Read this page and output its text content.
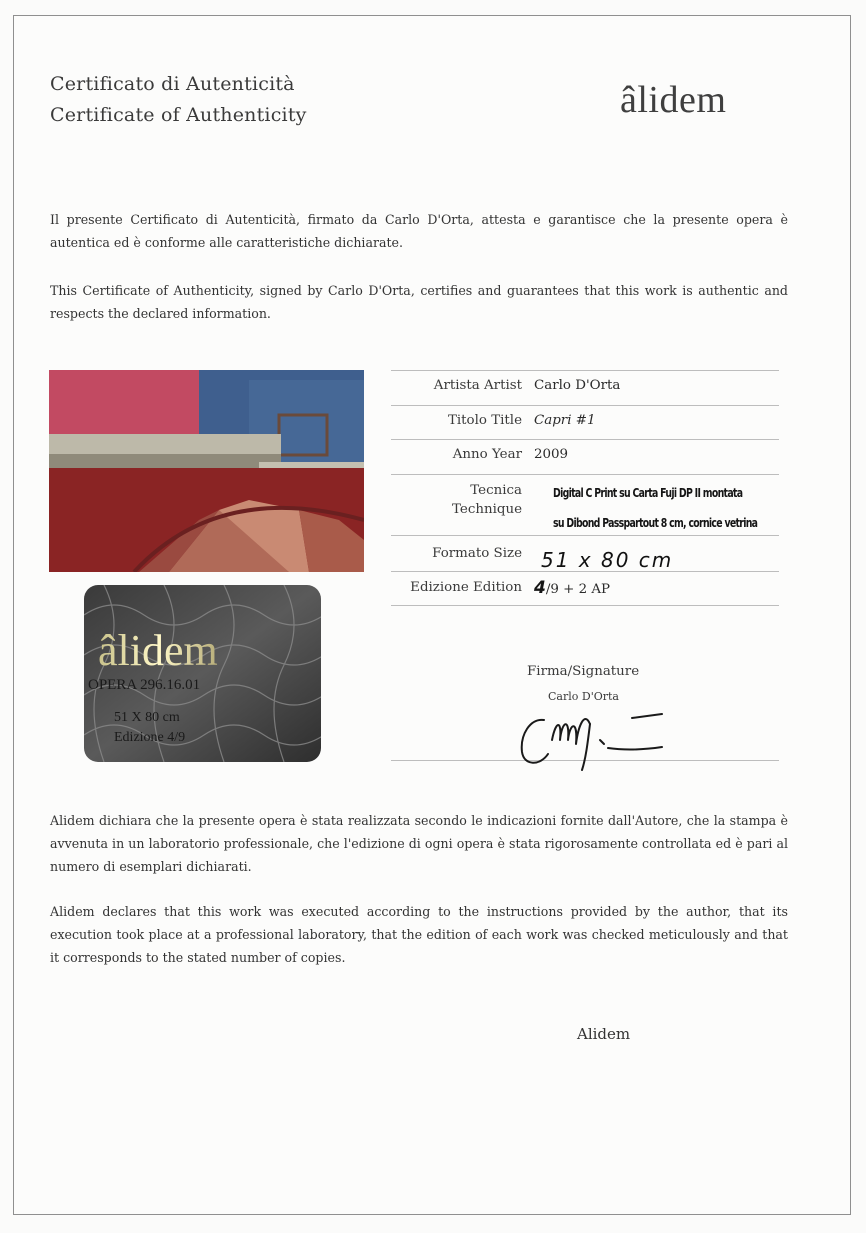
Certificato di Autenticità
Certificate of Authenticity	âlidem
Il presente Certificato di Autenticità, firmato da Carlo D'Orta, attesta e garantisce che la presente opera è autentica ed è conforme alle caratteristiche dichiarate.
This Certificate of Authenticity, signed by Carlo D'Orta, certifies and guarantees that this work is authentic and respects the declared information.
âlidem
OPERA 296.16.01
51 X 80 cm
Edizione 4/9
Artista Artist Carlo D'Orta
Titolo Title Capri #1
Anno Year 2009
Tecnica
Technique
Digital C Print su Carta Fuji DP II montata
su Dibond Passpartout 8 cm, cornice vetrina
Formato Size 51 x 80 cm
Edizione Edition 4/9 + 2 AP
Firma/Signature
Carlo D'Orta
Alidem dichiara che la presente opera è stata realizzata secondo le indicazioni fornite dall'Autore, che la stampa è avvenuta in un laboratorio professionale, che l'edizione di ogni opera è stata rigorosamente controllata ed è pari al numero di esemplari dichiarati.
Alidem declares that this work was executed according to the instructions provided by the author, that its execution took place at a professional laboratory, that the edition of each work was checked meticulously and that it corresponds to the stated number of copies.
Alidem
